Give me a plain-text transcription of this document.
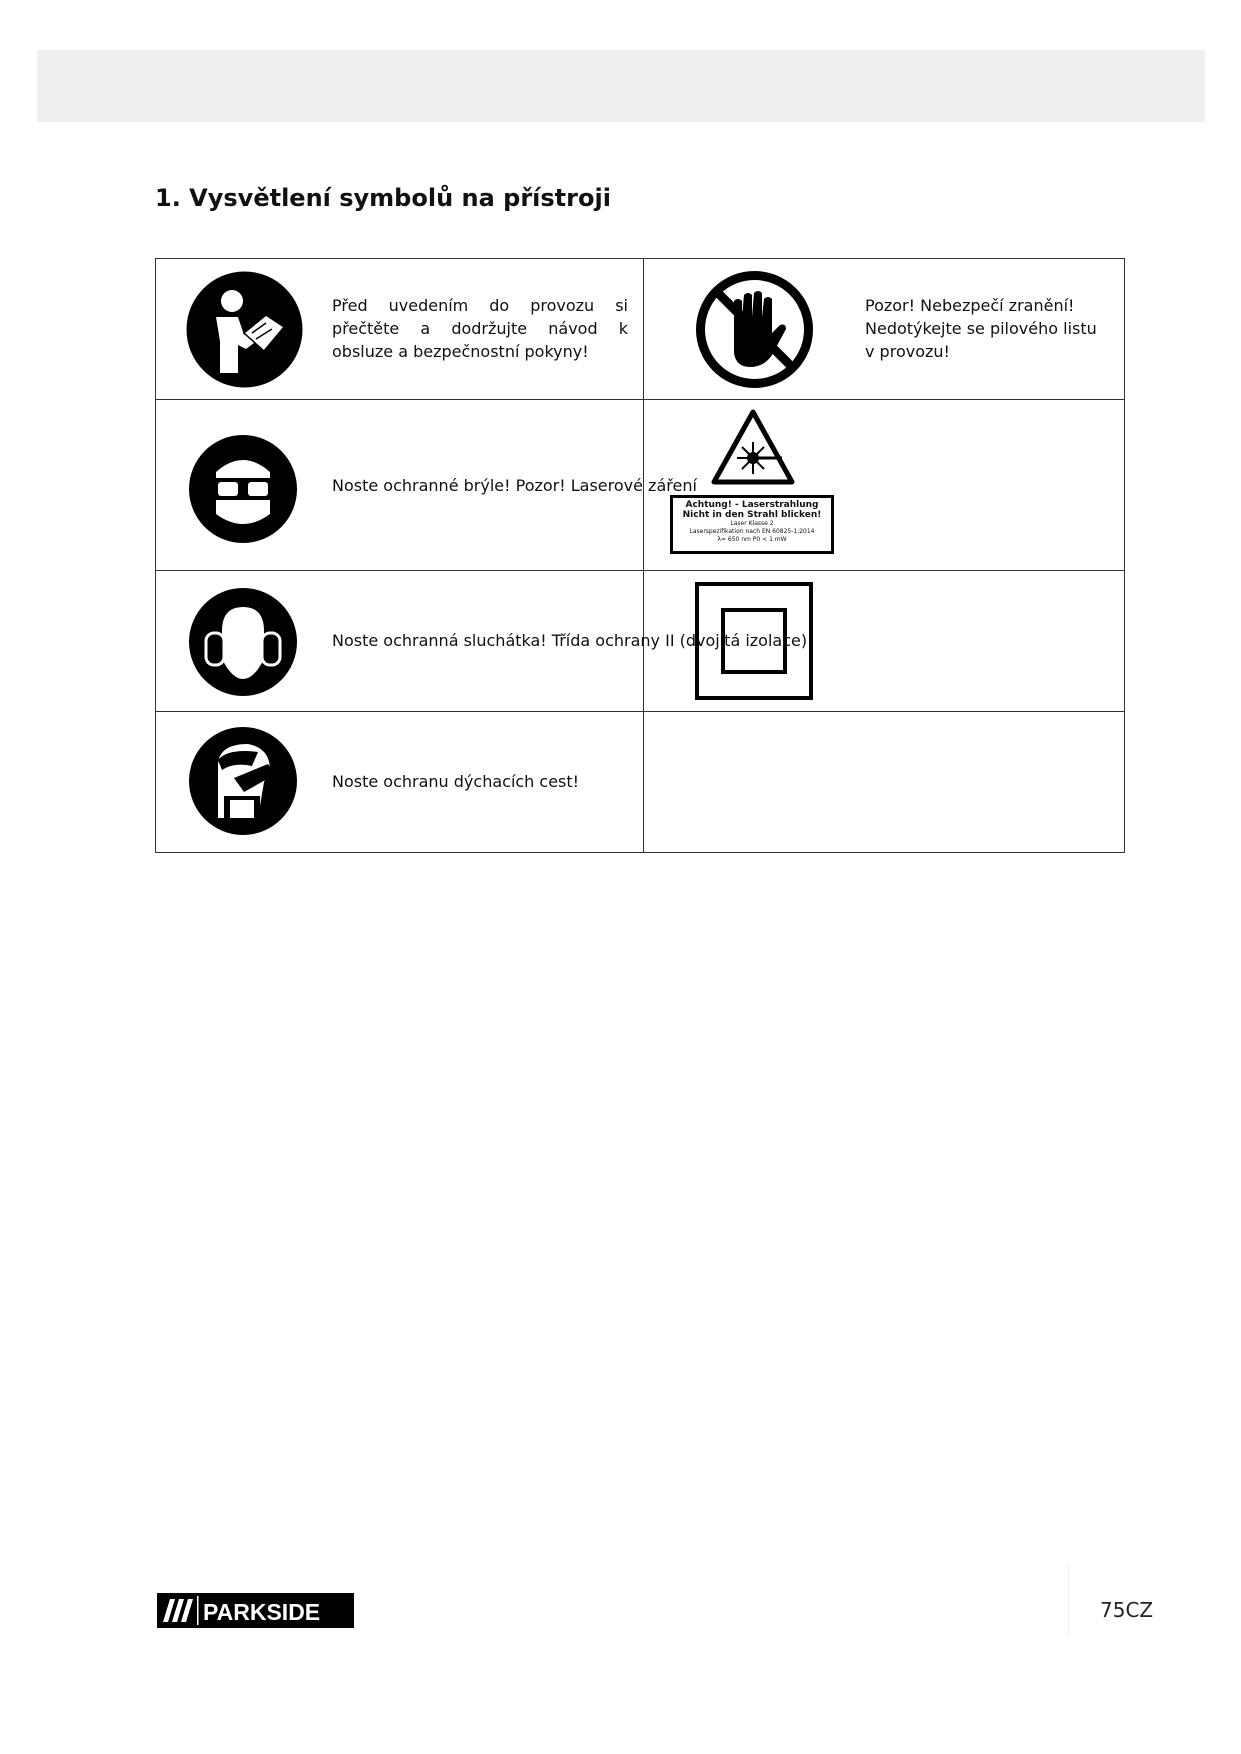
1. Vysvětlení symbolů na přístroji
Před uvedením do provozu si přečtěte a dodržujte návod k obsluze a bezpečnostní pokyny!	Pozor! Nebezpečí zranění! Nedotýkejte se pilového listu v provozu!

Noste ochranné brýle! Pozor! Laserové záření	Achtung! - Laserstrahlung
Nicht in den Strahl blicken!
Laser Klasse 2
Laserspezifikation nach EN 60825-1:2014
λ= 650 nm P0 < 1 mW

Noste ochranná sluchátka! Třída ochrany II (dvojitá izolace)

Noste ochranu dýchacích cest!	

PARKSIDE	75CZ
